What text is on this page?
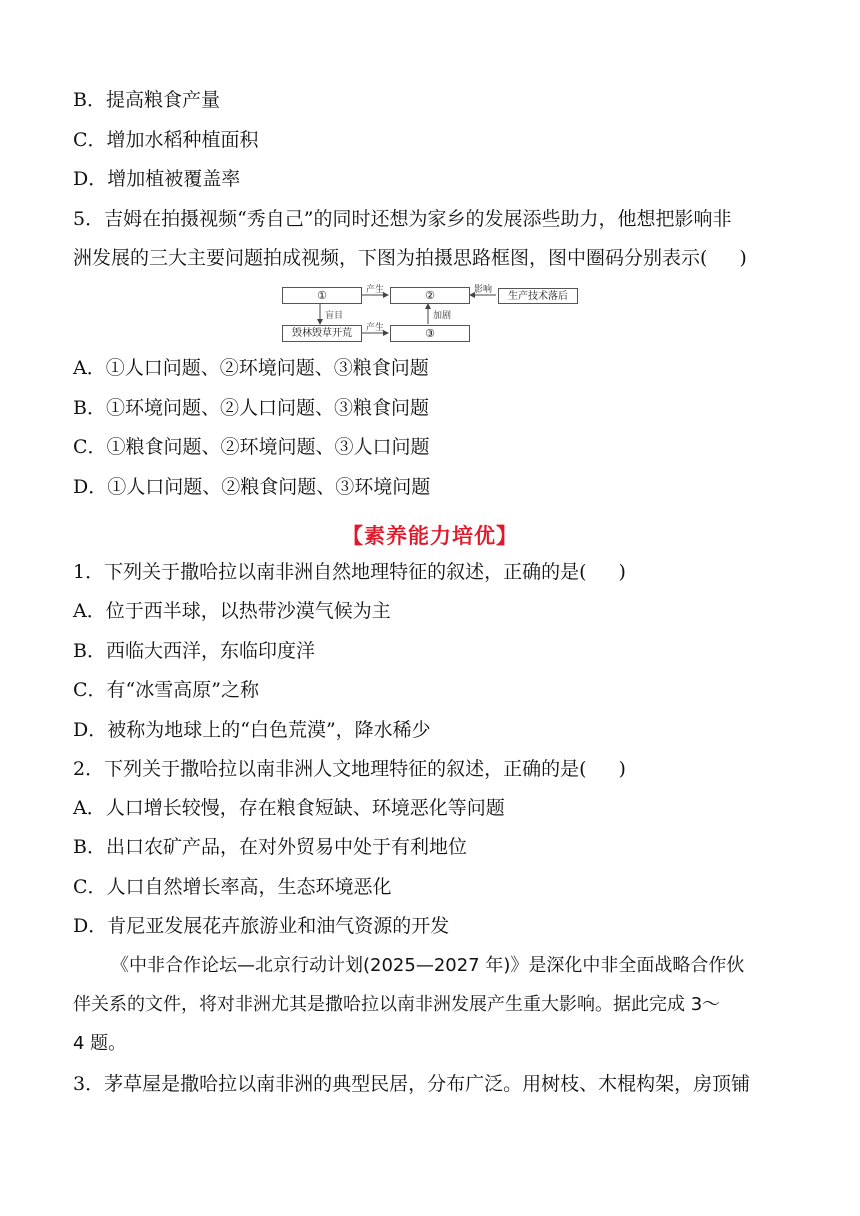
B．提高粮食产量
C．增加水稻种植面积
D．增加植被覆盖率
5．吉姆在拍摄视频“秀自己”的同时还想为家乡的发展添些助力，他想把影响非
洲发展的三大主要问题拍成视频，下图为拍摄思路框图，图中圈码分别表示( )
①	②	生产技术落后
毁林毁草开荒	③
产生	影响
盲目
产生
加剧
A．①人口问题、②环境问题、③粮食问题
B．①环境问题、②人口问题、③粮食问题
C．①粮食问题、②环境问题、③人口问题
D．①人口问题、②粮食问题、③环境问题
【素养能力培优】
1．下列关于撒哈拉以南非洲自然地理特征的叙述，正确的是( )
A．位于西半球，以热带沙漠气候为主
B．西临大西洋，东临印度洋
C．有“冰雪高原”之称
D．被称为地球上的“白色荒漠”，降水稀少
2．下列关于撒哈拉以南非洲人文地理特征的叙述，正确的是( )
A．人口增长较慢，存在粮食短缺、环境恶化等问题
B．出口农矿产品，在对外贸易中处于有利地位
C．人口自然增长率高，生态环境恶化
D．肯尼亚发展花卉旅游业和油气资源的开发
《中非合作论坛—北京行动计划(2025—2027 年)》是深化中非全面战略合作伙
伴关系的文件，将对非洲尤其是撒哈拉以南非洲发展产生重大影响。据此完成 3～
4 题。
3．茅草屋是撒哈拉以南非洲的典型民居，分布广泛。用树枝、木棍构架，房顶铺
